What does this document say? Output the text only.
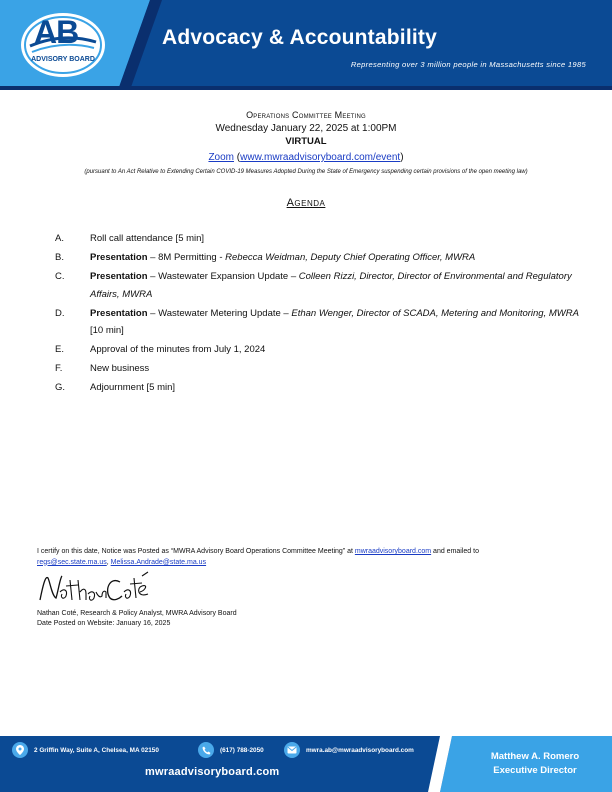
AB
ADVISORY BOARD
Advocacy & Accountability
Representing over 3 million people in Massachusetts since 1985
Operations Committee Meeting
Wednesday January 22, 2025 at 1:00PM
VIRTUAL
Zoom (www.mwraadvisoryboard.com/event)
(pursuant to An Act Relative to Extending Certain COVID-19 Measures Adopted During the State of Emergency suspending certain provisions of the open meeting law)
Agenda
A.	Roll call attendance [5 min]
B.	Presentation – 8M Permitting - Rebecca Weidman, Deputy Chief Operating Officer, MWRA
C.	Presentation – Wastewater Expansion Update – Colleen Rizzi, Director, Director of Environmental and Regulatory Affairs, MWRA
D.	Presentation – Wastewater Metering Update – Ethan Wenger, Director of SCADA, Metering and Monitoring, MWRA [10 min]
E.	Approval of the minutes from July 1, 2024
F.	New business
G.	Adjournment [5 min]
I certify on this date, Notice was Posted as “MWRA Advisory Board Operations Committee Meeting” at mwraadvisoryboard.com and emailed to
regs@sec.state.ma.us, Melissa.Andrade@state.ma.us
Nathan Coté, Research & Policy Analyst, MWRA Advisory Board
Date Posted on Website: January 16, 2025
2 Griffin Way, Suite A, Chelsea, MA 02150	(617) 788-2050	mwra.ab@mwraadvisoryboard.com
mwraadvisoryboard.com
Matthew A. Romero
Executive Director
